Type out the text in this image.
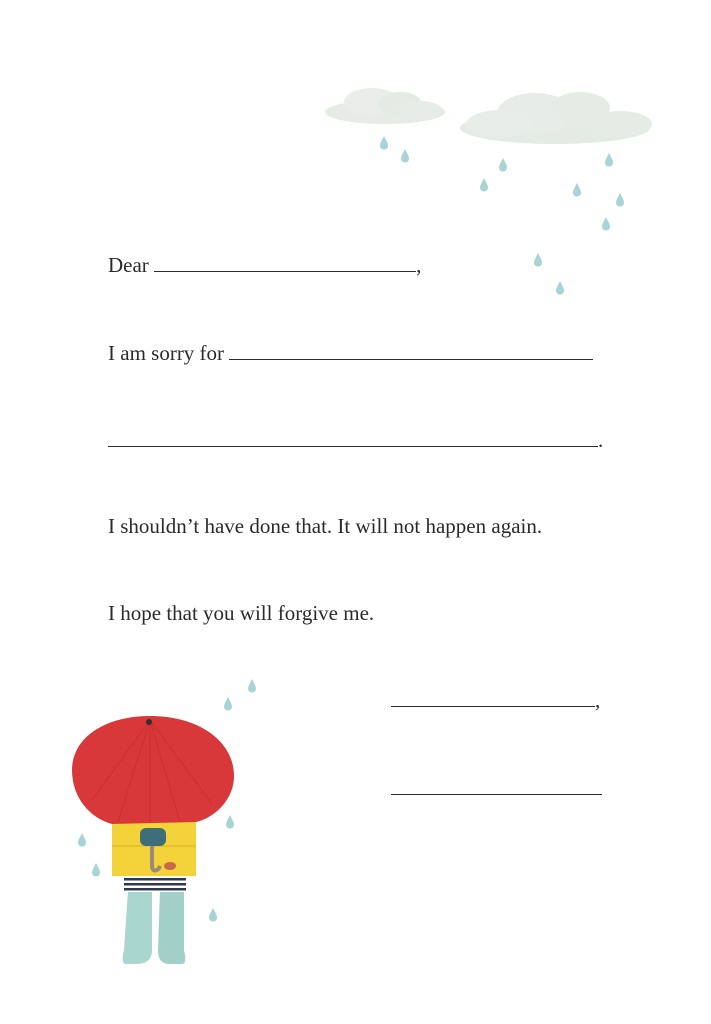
Dear	,
I am sorry for
.
I shouldn’t have done that. It will not happen again.
I hope that you will forgive me.
,
